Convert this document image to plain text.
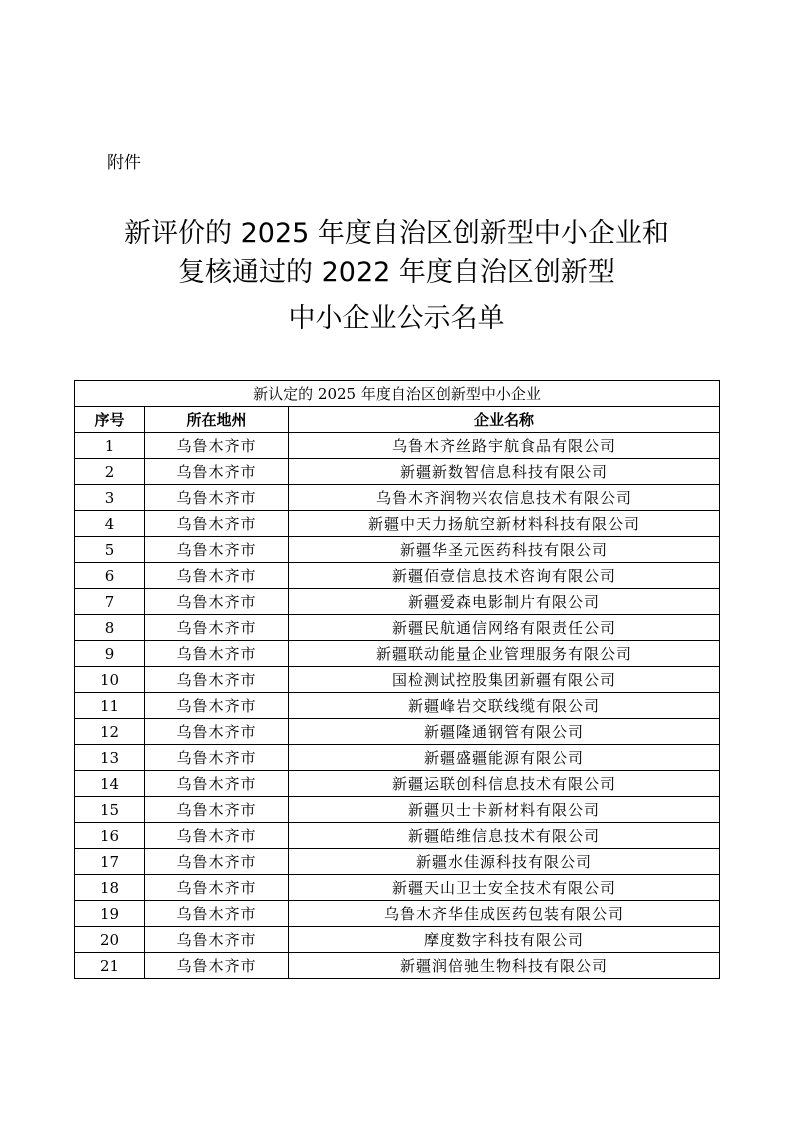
附件
新评价的 2025 年度自治区创新型中小企业和
复核通过的 2022 年度自治区创新型
中小企业公示名单
新认定的 2025 年度自治区创新型中小企业		
序号	所在地州	企业名称
1	乌鲁木齐市	乌鲁木齐丝路宇航食品有限公司
2	乌鲁木齐市	新疆新数智信息科技有限公司
3	乌鲁木齐市	乌鲁木齐润物兴农信息技术有限公司
4	乌鲁木齐市	新疆中天力扬航空新材料科技有限公司
5	乌鲁木齐市	新疆华圣元医药科技有限公司
6	乌鲁木齐市	新疆佰壹信息技术咨询有限公司
7	乌鲁木齐市	新疆爱森电影制片有限公司
8	乌鲁木齐市	新疆民航通信网络有限责任公司
9	乌鲁木齐市	新疆联动能量企业管理服务有限公司
10	乌鲁木齐市	国检测试控股集团新疆有限公司
11	乌鲁木齐市	新疆峰岩交联线缆有限公司
12	乌鲁木齐市	新疆隆通钢管有限公司
13	乌鲁木齐市	新疆盛疆能源有限公司
14	乌鲁木齐市	新疆运联创科信息技术有限公司
15	乌鲁木齐市	新疆贝士卡新材料有限公司
16	乌鲁木齐市	新疆皓维信息技术有限公司
17	乌鲁木齐市	新疆水佳源科技有限公司
18	乌鲁木齐市	新疆天山卫士安全技术有限公司
19	乌鲁木齐市	乌鲁木齐华佳成医药包装有限公司
20	乌鲁木齐市	摩度数字科技有限公司
21	乌鲁木齐市	新疆润倍驰生物科技有限公司
